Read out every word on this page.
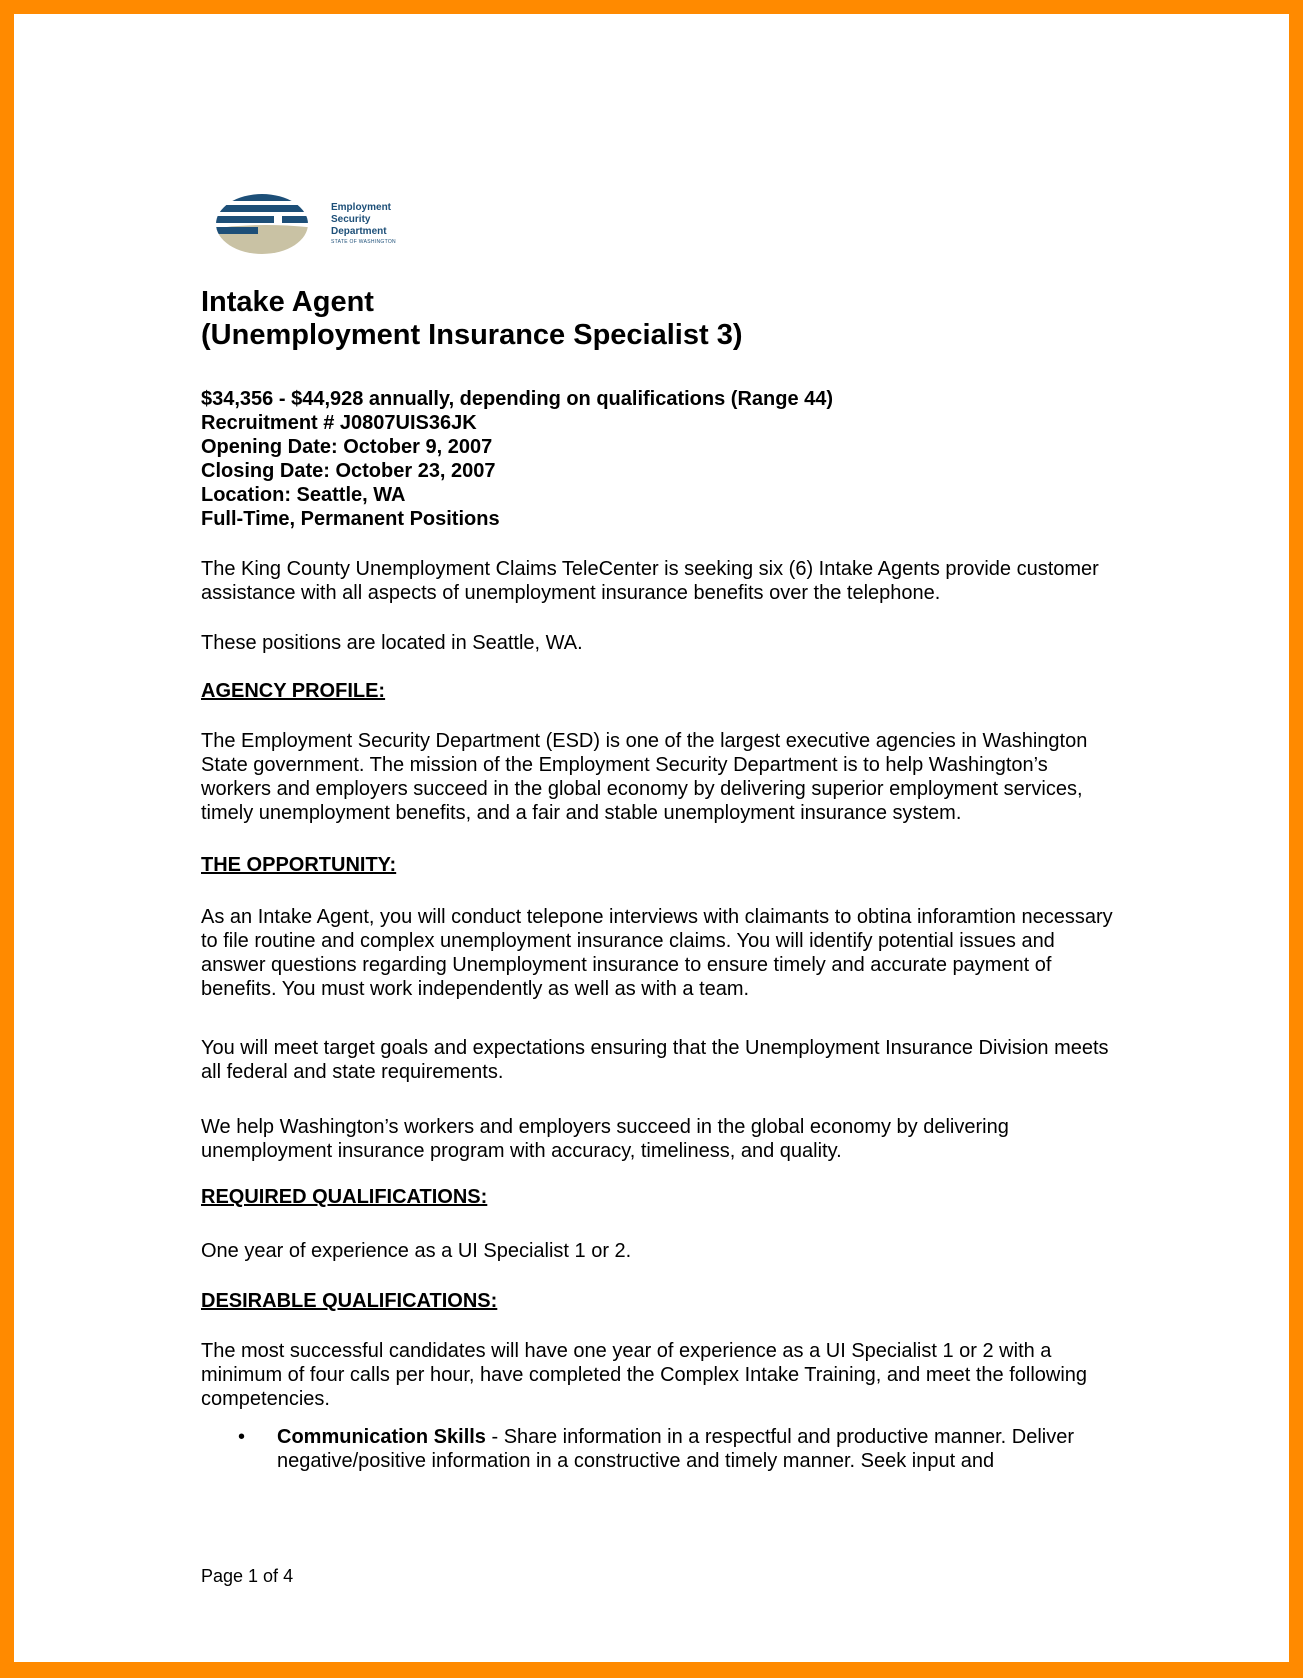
Employment
Security
Department
STATE OF WASHINGTON
Intake Agent
(Unemployment Insurance Specialist 3)
$34,356 - $44,928 annually, depending on qualifications (Range 44)
Recruitment # J0807UIS36JK
Opening Date: October 9, 2007
Closing Date: October 23, 2007
Location: Seattle, WA
Full-Time, Permanent Positions

The King County Unemployment Claims TeleCenter is seeking six (6) Intake Agents provide customer assistance with all aspects of unemployment insurance benefits over the telephone.

These positions are located in Seattle, WA.

AGENCY PROFILE:

The Employment Security Department (ESD) is one of the largest executive agencies in Washington State government. The mission of the Employment Security Department is to help Washington’s workers and employers succeed in the global economy by delivering superior employment services, timely unemployment benefits, and a fair and stable unemployment insurance system.

THE OPPORTUNITY:

As an Intake Agent, you will conduct telepone interviews with claimants to obtina inforamtion necessary to file routine and complex unemployment insurance claims. You will identify potential issues and answer questions regarding Unemployment insurance to ensure timely and accurate payment of benefits. You must work independently as well as with a team.

You will meet target goals and expectations ensuring that the Unemployment Insurance Division meets all federal and state requirements.

We help Washington’s workers and employers succeed in the global economy by delivering unemployment insurance program with accuracy, timeliness, and quality.

REQUIRED QUALIFICATIONS:

One year of experience as a UI Specialist 1 or 2.

DESIRABLE QUALIFICATIONS:

The most successful candidates will have one year of experience as a UI Specialist 1 or 2 with a minimum of four calls per hour, have completed the Complex Intake Training, and meet the following competencies.

• Communication Skills - Share information in a respectful and productive manner. Deliver negative/positive information in a constructive and timely manner. Seek input and
Page 1 of 4
